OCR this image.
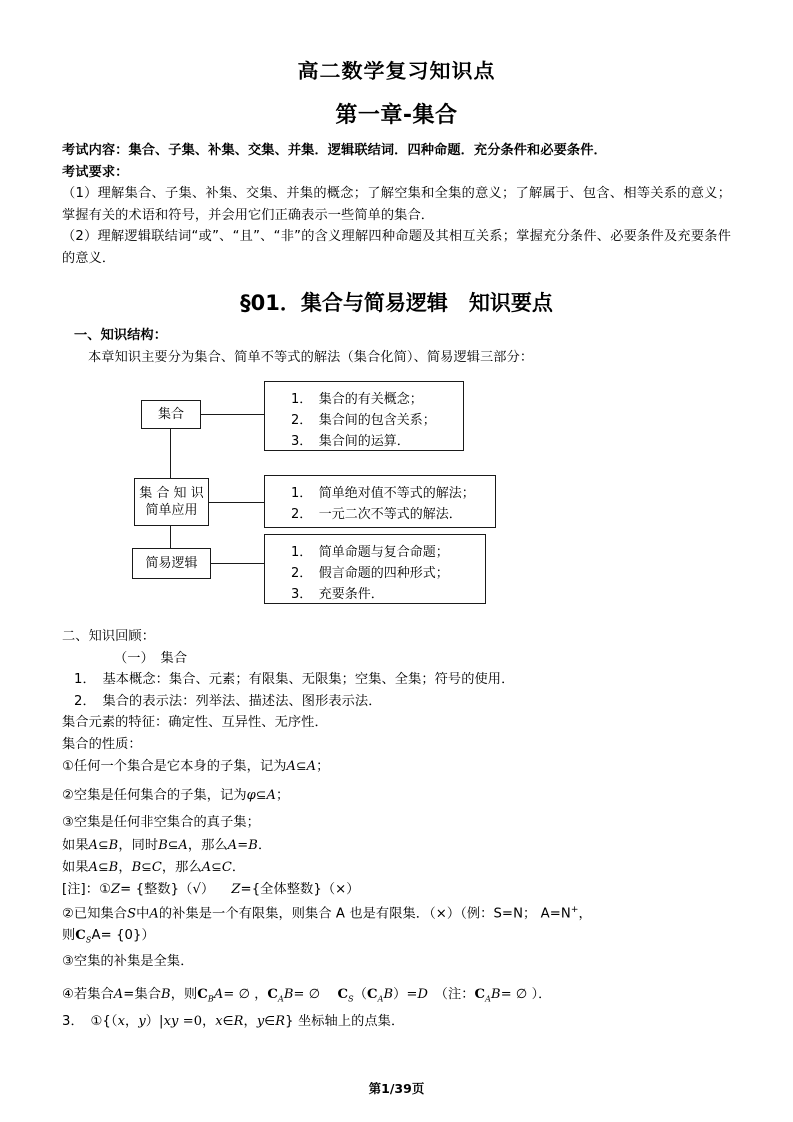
高二数学复习知识点
第一章-集合
考试内容：集合、子集、补集、交集、并集．逻辑联结词．四种命题．充分条件和必要条件．
考试要求：
（1）理解集合、子集、补集、交集、并集的概念；了解空集和全集的意义；了解属于、包含、相等关系的意义；掌握有关的术语和符号，并会用它们正确表示一些简单的集合．
（2）理解逻辑联结词“或”、“且”、“非”的含义理解四种命题及其相互关系；掌握充分条件、必要条件及充要条件的意义．
§01．集合与简易逻辑　知识要点
一、知识结构：
本章知识主要分为集合、简单不等式的解法（集合化简）、简易逻辑三部分：
集合
1．　集合的有关概念；
2．　集合间的包含关系；
3．　集合间的运算．
集 合 知 识
简单应用
1．　简单绝对值不等式的解法；
2．　一元二次不等式的解法．
简易逻辑
1．　简单命题与复合命题；
2．　假言命题的四种形式；
3．　充要条件．
二、知识回顾：
（一）　集合
1．　基本概念：集合、元素；有限集、无限集；空集、全集；符号的使用．
2．　集合的表示法：列举法、描述法、图形表示法．
集合元素的特征：确定性、互异性、无序性．
集合的性质：
①任何一个集合是它本身的子集，记为A⊆A；
②空集是任何集合的子集，记为φ⊆A；
③空集是任何非空集合的真子集；
如果A⊆B，同时B⊆A，那么A=B．
如果A⊆B，B⊆C，那么A⊆C．
[注]：①Z= {整数}（√） Z={全体整数}（×）
②已知集合S中A的补集是一个有限集，则集合 A 也是有限集．（×）（例：S=N； A=N+，
则$C_SA= \{0\}$）
③空集的补集是全集．
④若集合A=集合B，则$C_BA=$ ∅ ，$C_AB=$ ∅ 　$C_S(C_AB)=D$　（注：$C_AB=$ ∅ ）．
3．　①{（x，y）|xy =0，x∈R，y∈R} 坐标轴上的点集．
第1/39页
